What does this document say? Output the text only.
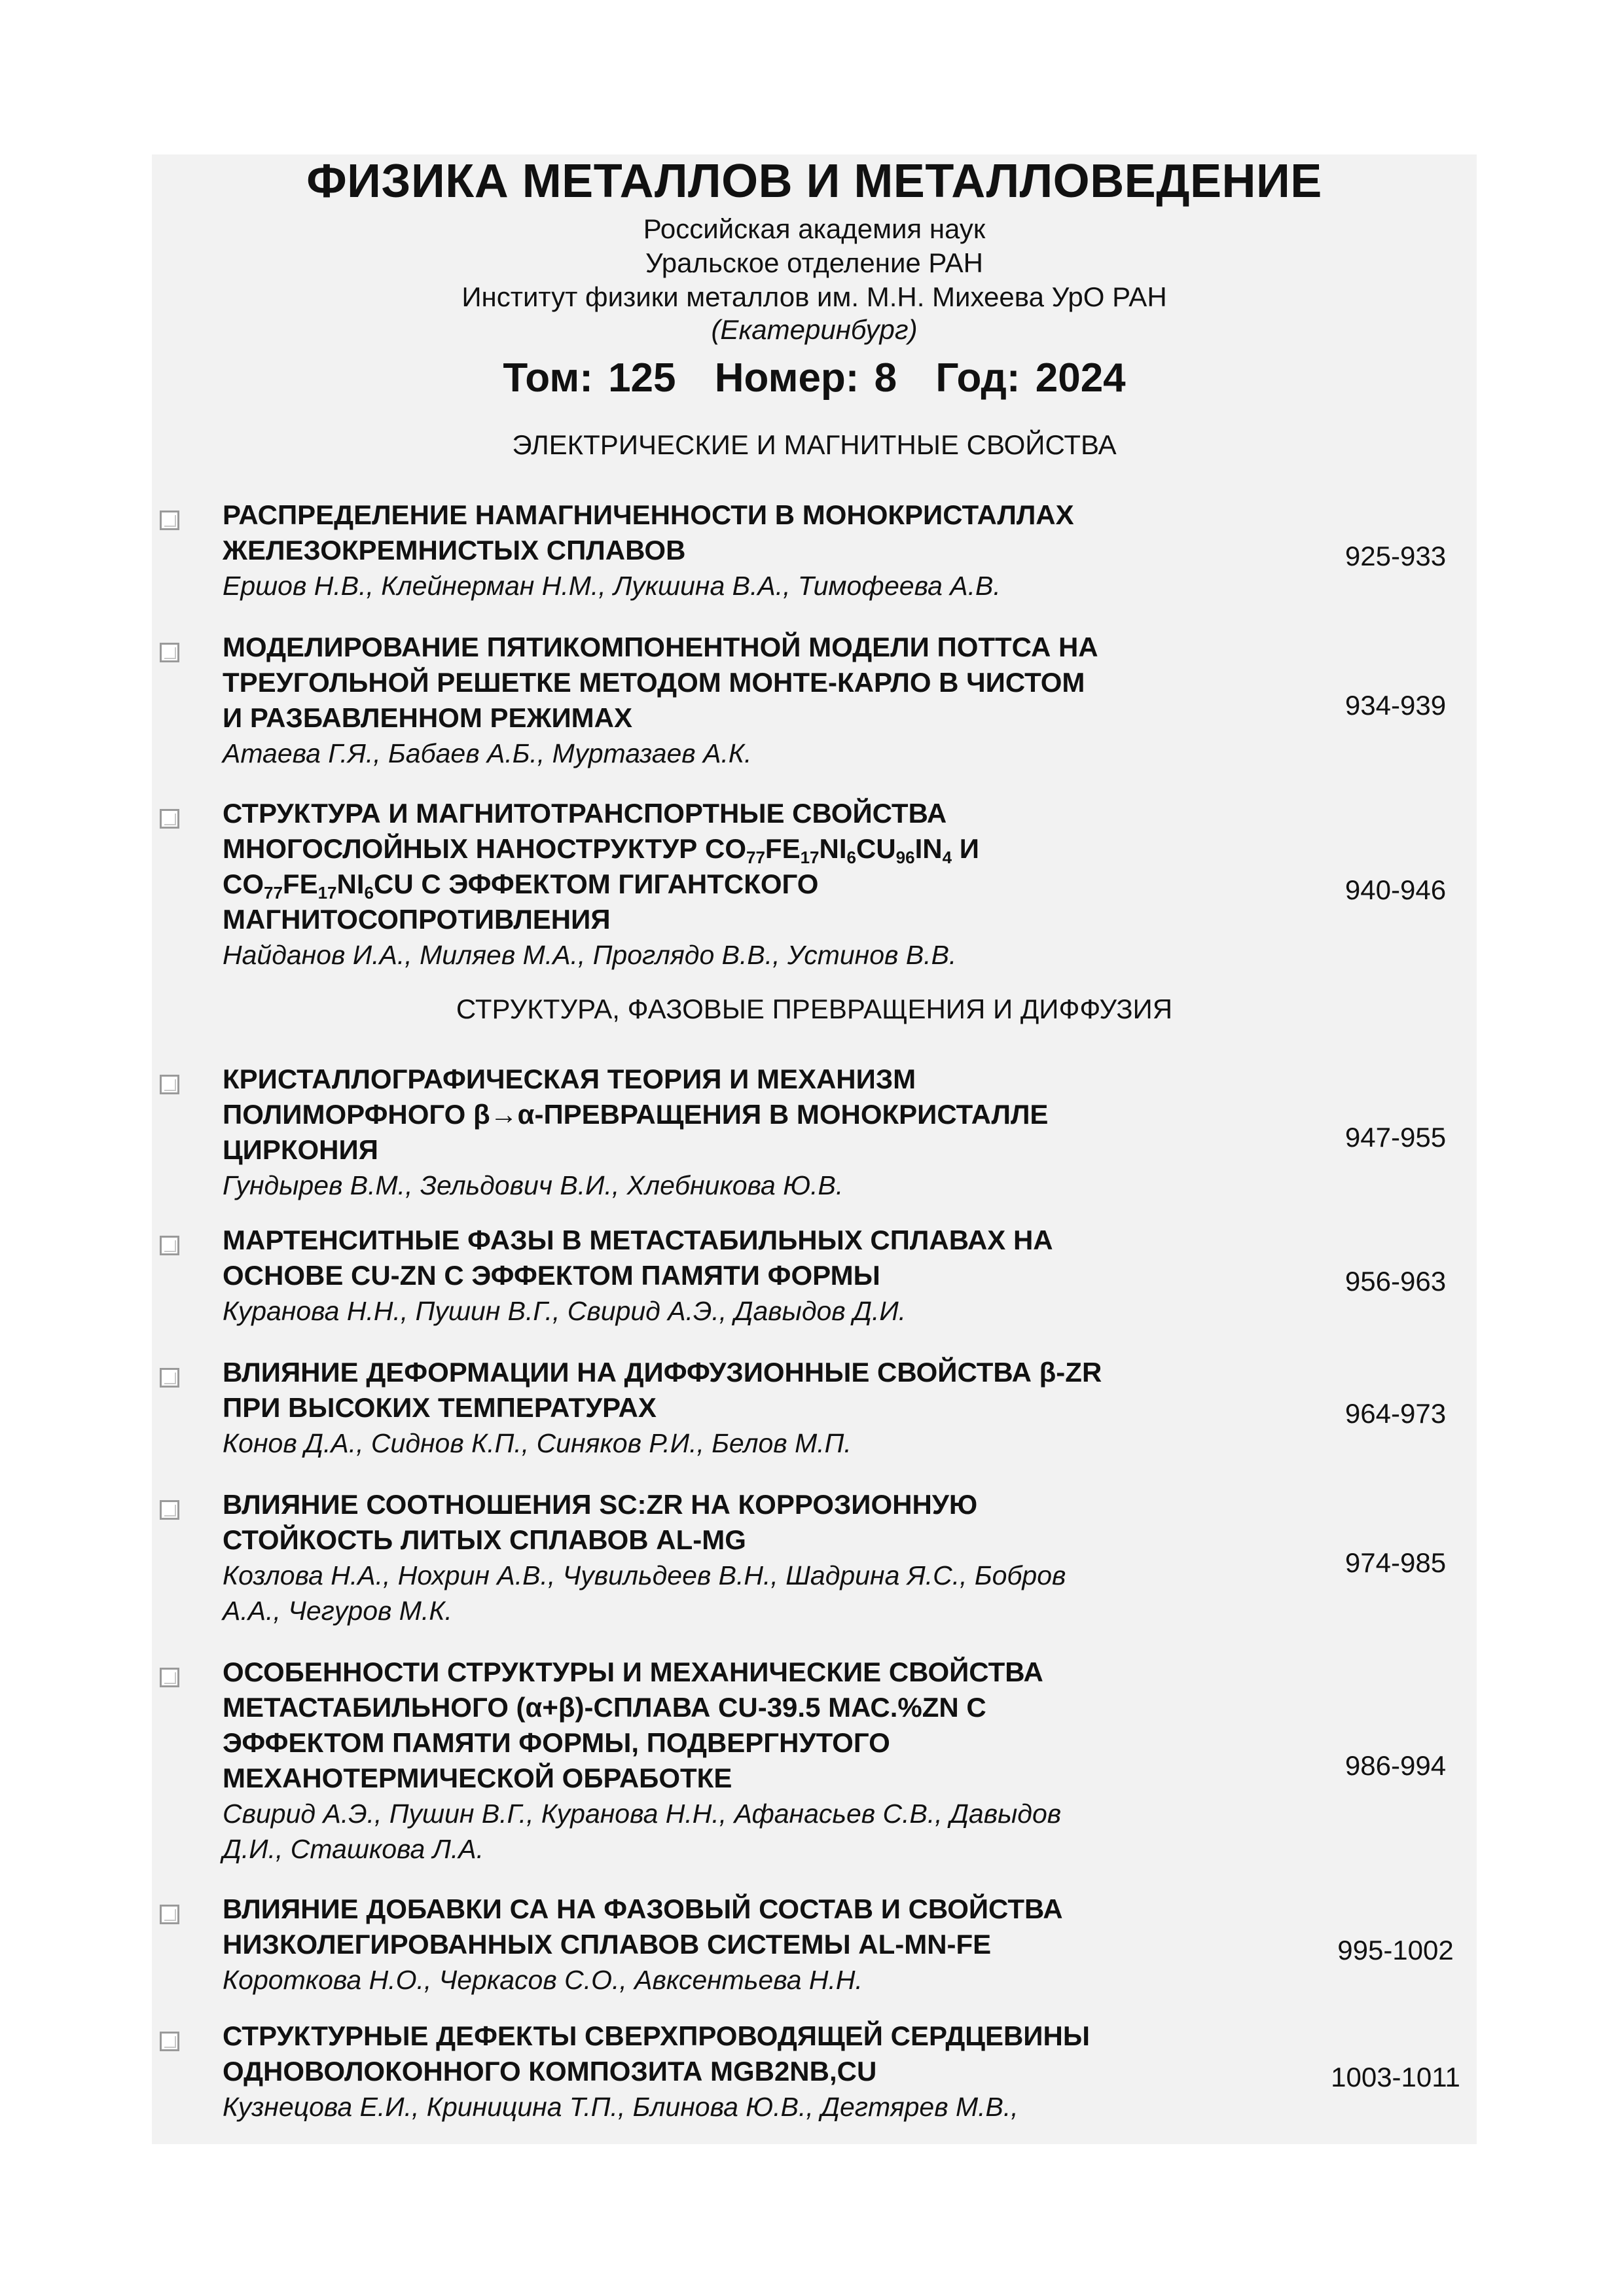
ФИЗИКА МЕТАЛЛОВ И МЕТАЛЛОВЕДЕНИЕ
Российская академия наук
Уральское отделение РАН
Институт физики металлов им. М.Н. Михеева УрО РАН
(Екатеринбург)
Том: 125 Номер: 8 Год: 2024
ЭЛЕКТРИЧЕСКИЕ И МАГНИТНЫЕ СВОЙСТВА
РАСПРЕДЕЛЕНИЕ НАМАГНИЧЕННОСТИ В МОНОКРИСТАЛЛАХ
ЖЕЛЕЗОКРЕМНИСТЫХ СПЛАВОВ
Ершов Н.В., Клейнерман Н.М., Лукшина В.А., Тимофеева А.В.
925-933
МОДЕЛИРОВАНИЕ ПЯТИКОМПОНЕНТНОЙ МОДЕЛИ ПОТТСА НА
ТРЕУГОЛЬНОЙ РЕШЕТКЕ МЕТОДОМ МОНТЕ-КАРЛО В ЧИСТОМ
И РАЗБАВЛЕННОМ РЕЖИМАХ
Атаева Г.Я., Бабаев А.Б., Муртазаев А.К.
934-939
СТРУКТУРА И МАГНИТОТРАНСПОРТНЫЕ СВОЙСТВА
МНОГОСЛОЙНЫХ НАНОСТРУКТУР $CO_{77}FE_{17}NI_6CU_{96}IN_4$ И
$CO_{77}FE_{17}NI_6CU$ С ЭФФЕКТОМ ГИГАНТСКОГО
МАГНИТОСОПРОТИВЛЕНИЯ
Найданов И.А., Миляев М.А., Проглядо В.В., Устинов В.В.
940-946
СТРУКТУРА, ФАЗОВЫЕ ПРЕВРАЩЕНИЯ И ДИФФУЗИЯ
КРИСТАЛЛОГРАФИЧЕСКАЯ ТЕОРИЯ И МЕХАНИЗМ
ПОЛИМОРФНОГО β→α-ПРЕВРАЩЕНИЯ В МОНОКРИСТАЛЛЕ
ЦИРКОНИЯ
Гундырев В.М., Зельдович В.И., Хлебникова Ю.В.
947-955
МАРТЕНСИТНЫЕ ФАЗЫ В МЕТАСТАБИЛЬНЫХ СПЛАВАХ НА
ОСНОВЕ CU-ZN С ЭФФЕКТОМ ПАМЯТИ ФОРМЫ
Куранова Н.Н., Пушин В.Г., Свирид А.Э., Давыдов Д.И.
956-963
ВЛИЯНИЕ ДЕФОРМАЦИИ НА ДИФФУЗИОННЫЕ СВОЙСТВА β-ZR
ПРИ ВЫСОКИХ ТЕМПЕРАТУРАХ
Конов Д.А., Сиднов К.П., Синяков Р.И., Белов М.П.
964-973
ВЛИЯНИЕ СООТНОШЕНИЯ SC:ZR НА КОРРОЗИОННУЮ
СТОЙКОСТЬ ЛИТЫХ СПЛАВОВ AL-MG
Козлова Н.А., Нохрин А.В., Чувильдеев В.Н., Шадрина Я.С., Бобров
А.А., Чегуров М.К.
974-985
ОСОБЕННОСТИ СТРУКТУРЫ И МЕХАНИЧЕСКИЕ СВОЙСТВА
МЕТАСТАБИЛЬНОГО (α+β)-СПЛАВА CU-39.5 МАС.%ZN С
ЭФФЕКТОМ ПАМЯТИ ФОРМЫ, ПОДВЕРГНУТОГО
МЕХАНОТЕРМИЧЕСКОЙ ОБРАБОТКЕ
Свирид А.Э., Пушин В.Г., Куранова Н.Н., Афанасьев С.В., Давыдов
Д.И., Сташкова Л.А.
986-994
ВЛИЯНИЕ ДОБАВКИ СА НА ФАЗОВЫЙ СОСТАВ И СВОЙСТВА
НИЗКОЛЕГИРОВАННЫХ СПЛАВОВ СИСТЕМЫ AL-MN-FE
Короткова Н.О., Черкасов С.О., Авксентьева Н.Н.
995-1002
СТРУКТУРНЫЕ ДЕФЕКТЫ СВЕРХПРОВОДЯЩЕЙ СЕРДЦЕВИНЫ
ОДНОВОЛОКОННОГО КОМПОЗИТА MGB2NB,CU
Кузнецова Е.И., Криницина Т.П., Блинова Ю.В., Дегтярев М.В.,
1003-1011
